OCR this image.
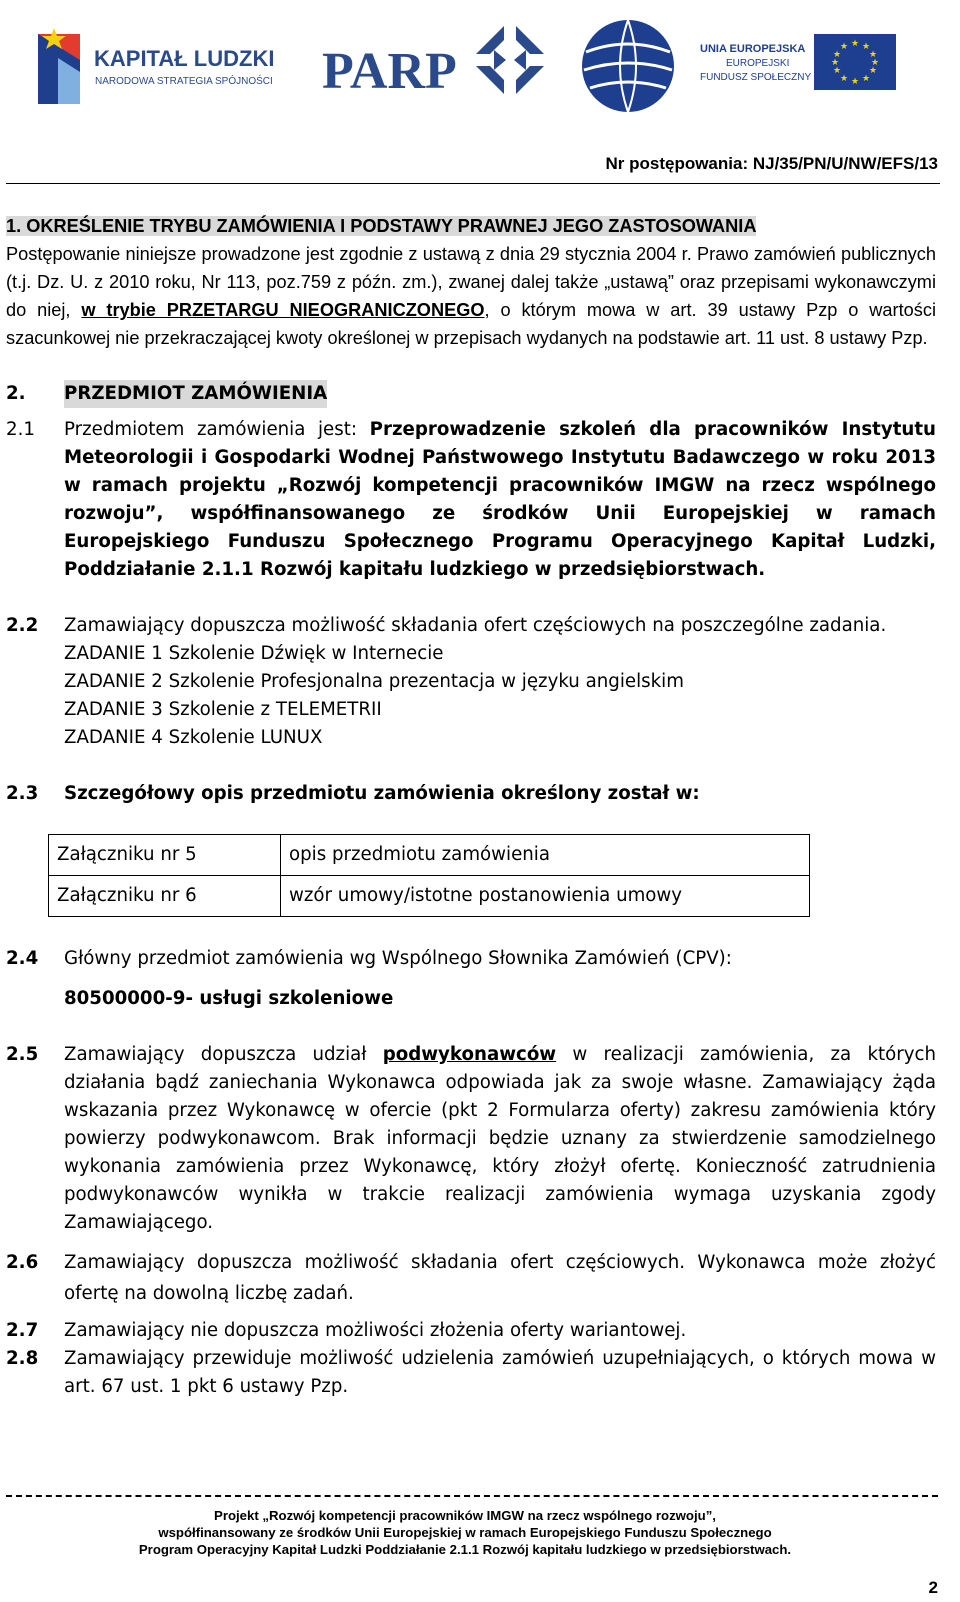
KAPITAŁ LUDZKI
NARODOWA STRATEGIA SPÓJNOŚCI PARP	UNIA EUROPEJSKA
EUROPEJSKI
FUNDUSZ SPOŁECZNY
★ ★
★
★
★
★
★
★
★
★
★
★
Nr postępowania: NJ/35/PN/U/NW/EFS/13
1. OKREŚLENIE TRYBU ZAMÓWIENIA I PODSTAWY PRAWNEJ JEGO ZASTOSOWANIA
Postępowanie niniejsze prowadzone jest zgodnie z ustawą z dnia 29 stycznia 2004 r. Prawo zamówień publicznych (t.j. Dz. U. z 2010 roku, Nr 113, poz.759 z późn. zm.), zwanej dalej także „ustawą” oraz przepisami wykonawczymi do niej, w trybie PRZETARGU NIEOGRANICZONEGO, o którym mowa w art. 39 ustawy Pzp o wartości szacunkowej nie przekraczającej kwoty określonej w przepisach wydanych na podstawie art. 11 ust. 8 ustawy Pzp.
2.	PRZEDMIOT ZAMÓWIENIA
2.1	Przedmiotem zamówienia jest: Przeprowadzenie szkoleń dla pracowników Instytutu Meteorologii i Gospodarki Wodnej Państwowego Instytutu Badawczego w roku 2013 w ramach projektu „Rozwój kompetencji pracowników IMGW na rzecz wspólnego rozwoju”, współfinansowanego ze środków Unii Europejskiej w ramach Europejskiego Funduszu Społecznego Programu Operacyjnego Kapitał Ludzki, Poddziałanie 2.1.1 Rozwój kapitału ludzkiego w przedsiębiorstwach.
2.2	Zamawiający dopuszcza możliwość składania ofert częściowych na poszczególne zadania.
ZADANIE 1 Szkolenie Dźwięk w Internecie
ZADANIE 2 Szkolenie Profesjonalna prezentacja w języku angielskim
ZADANIE 3 Szkolenie z TELEMETRII
ZADANIE 4 Szkolenie LUNUX
2.3	Szczegółowy opis przedmiotu zamówienia określony został w:
Załączniku nr 5	opis przedmiotu zamówienia
Załączniku nr 6	wzór umowy/istotne postanowienia umowy
2.4	Główny przedmiot zamówienia wg Wspólnego Słownika Zamówień (CPV):
80500000-9- usługi szkoleniowe
2.5	Zamawiający dopuszcza udział podwykonawców w realizacji zamówienia, za których działania bądź zaniechania Wykonawca odpowiada jak za swoje własne. Zamawiający żąda wskazania przez Wykonawcę w ofercie (pkt 2 Formularza oferty) zakresu zamówienia który powierzy podwykonawcom. Brak informacji będzie uznany za stwierdzenie samodzielnego wykonania zamówienia przez Wykonawcę, który złożył ofertę. Konieczność zatrudnienia podwykonawców wynikła w trakcie realizacji zamówienia wymaga uzyskania zgody Zamawiającego.
2.6	Zamawiający dopuszcza możliwość składania ofert częściowych. Wykonawca może złożyć ofertę na dowolną liczbę zadań.
2.7	Zamawiający nie dopuszcza możliwości złożenia oferty wariantowej.
2.8	Zamawiający przewiduje możliwość udzielenia zamówień uzupełniających, o których mowa w art. 67 ust. 1 pkt 6 ustawy Pzp.
Projekt „Rozwój kompetencji pracowników IMGW na rzecz wspólnego rozwoju”,
współfinansowany ze środków Unii Europejskiej w ramach Europejskiego Funduszu Społecznego
Program Operacyjny Kapitał Ludzki Poddziałanie 2.1.1 Rozwój kapitału ludzkiego w przedsiębiorstwach.
2
